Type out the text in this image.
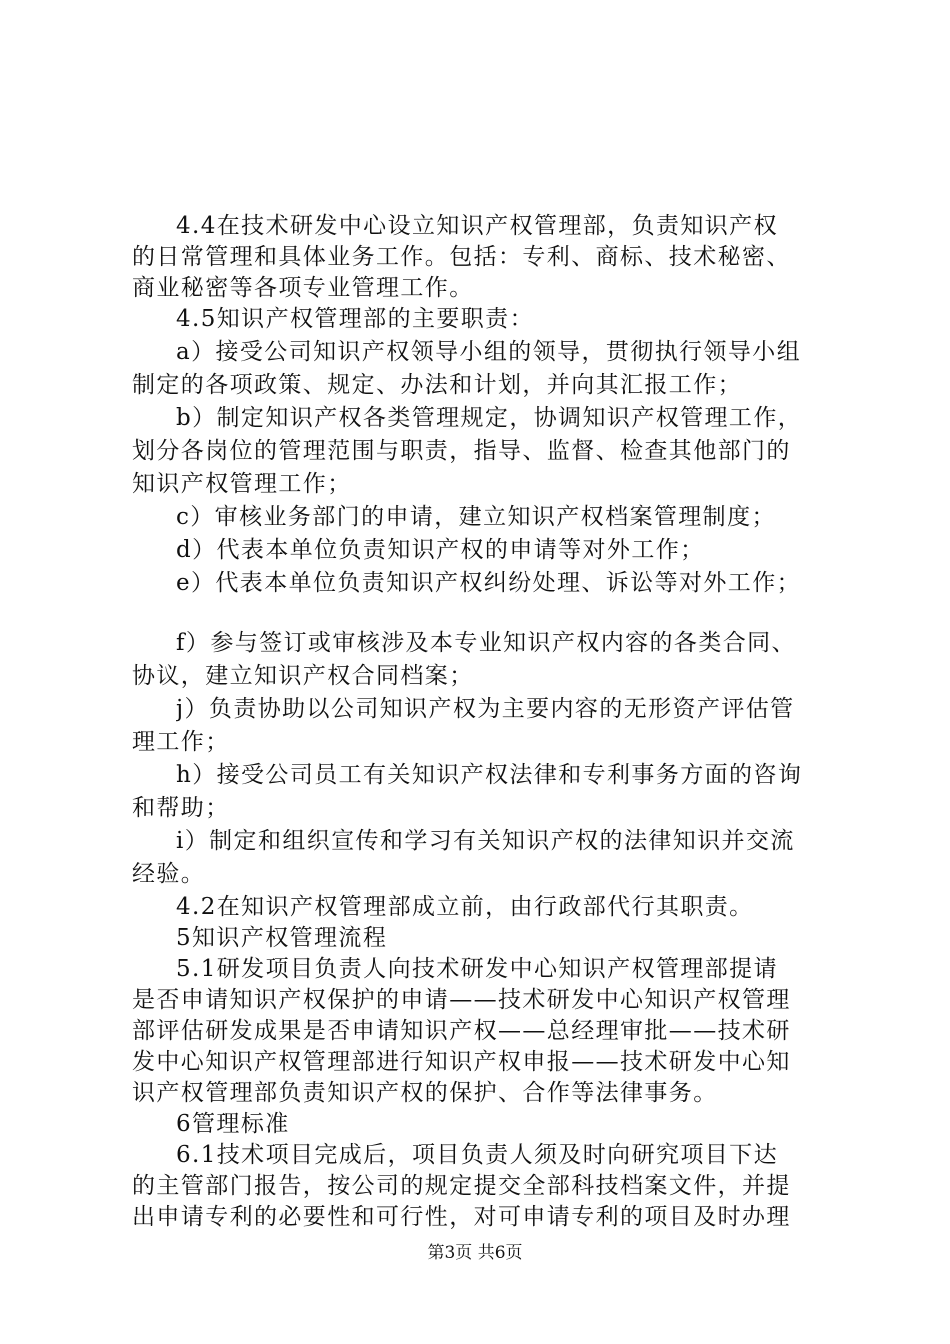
4.4在技术研发中心设立知识产权管理部，负责知识产权
的日常管理和具体业务工作。包括：专利、商标、技术秘密、
商业秘密等各项专业管理工作。
4.5知识产权管理部的主要职责：
a）接受公司知识产权领导小组的领导，贯彻执行领导小组
制定的各项政策、规定、办法和计划，并向其汇报工作；
b）制定知识产权各类管理规定，协调知识产权管理工作，
划分各岗位的管理范围与职责，指导、监督、检查其他部门的
知识产权管理工作；
c）审核业务部门的申请，建立知识产权档案管理制度；
d）代表本单位负责知识产权的申请等对外工作；
e）代表本单位负责知识产权纠纷处理、诉讼等对外工作；
f）参与签订或审核涉及本专业知识产权内容的各类合同、
协议，建立知识产权合同档案；
j）负责协助以公司知识产权为主要内容的无形资产评估管
理工作；
h）接受公司员工有关知识产权法律和专利事务方面的咨询
和帮助；
i）制定和组织宣传和学习有关知识产权的法律知识并交流
经验。
4.2在知识产权管理部成立前，由行政部代行其职责。
5知识产权管理流程
5.1研发项目负责人向技术研发中心知识产权管理部提请
是否申请知识产权保护的申请——技术研发中心知识产权管理
部评估研发成果是否申请知识产权——总经理审批——技术研
发中心知识产权管理部进行知识产权申报——技术研发中心知
识产权管理部负责知识产权的保护、合作等法律事务。
6管理标准
6.1技术项目完成后，项目负责人须及时向研究项目下达
的主管部门报告，按公司的规定提交全部科技档案文件，并提
出申请专利的必要性和可行性，对可申请专利的项目及时办理
第3页 共6页
